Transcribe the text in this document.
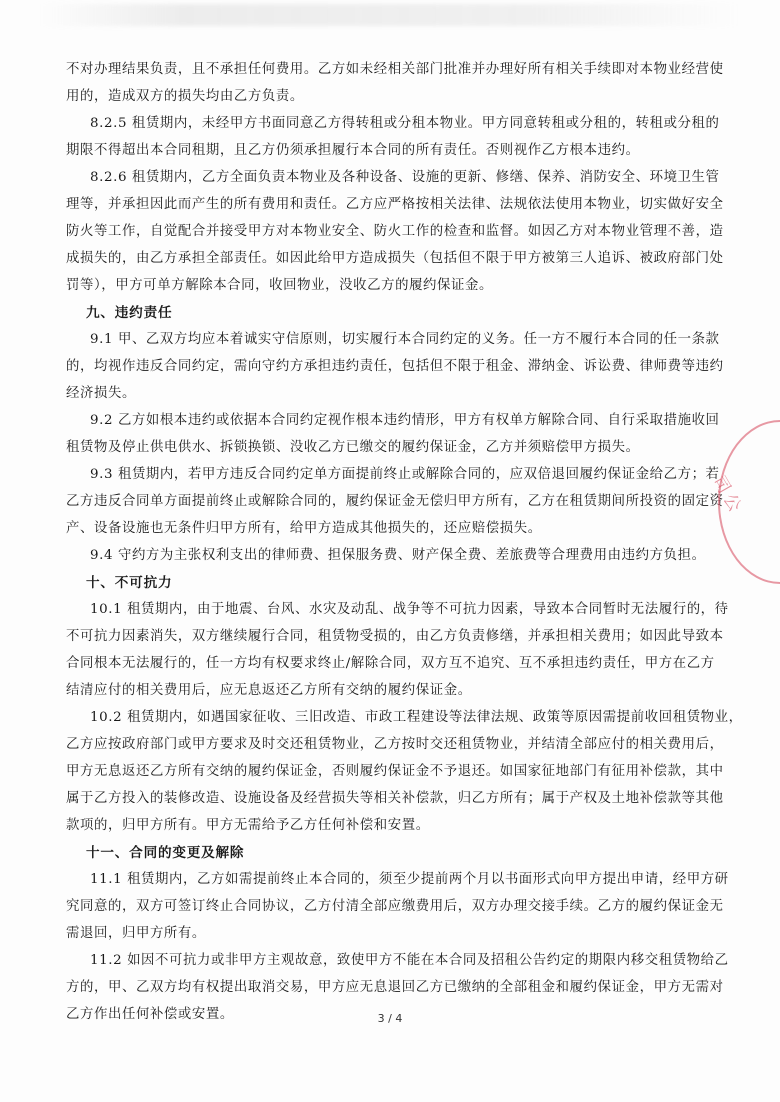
不对办理结果负责，且不承担任何费用。乙方如未经相关部门批准并办理好所有相关手续即对本物业经营使
用的，造成双方的损失均由乙方负责。
8.2.5 租赁期内，未经甲方书面同意乙方得转租或分租本物业。甲方同意转租或分租的，转租或分租的
期限不得超出本合同租期，且乙方仍须承担履行本合同的所有责任。否则视作乙方根本违约。
8.2.6 租赁期内，乙方全面负责本物业及各种设备、设施的更新、修缮、保养、消防安全、环境卫生管
理等，并承担因此而产生的所有费用和责任。乙方应严格按相关法律、法规依法使用本物业，切实做好安全
防火等工作，自觉配合并接受甲方对本物业安全、防火工作的检查和监督。如因乙方对本物业管理不善，造
成损失的，由乙方承担全部责任。如因此给甲方造成损失（包括但不限于甲方被第三人追诉、被政府部门处
罚等），甲方可单方解除本合同，收回物业，没收乙方的履约保证金。
九、违约责任
9.1 甲、乙双方均应本着诚实守信原则，切实履行本合同约定的义务。任一方不履行本合同的任一条款
的，均视作违反合同约定，需向守约方承担违约责任，包括但不限于租金、滞纳金、诉讼费、律师费等违约
经济损失。
9.2 乙方如根本违约或依据本合同约定视作根本违约情形，甲方有权单方解除合同、自行采取措施收回
租赁物及停止供电供水、拆锁换锁、没收乙方已缴交的履约保证金，乙方并须赔偿甲方损失。
9.3 租赁期内，若甲方违反合同约定单方面提前终止或解除合同的，应双倍退回履约保证金给乙方；若
乙方违反合同单方面提前终止或解除合同的，履约保证金无偿归甲方所有，乙方在租赁期间所投资的固定资
产、设备设施也无条件归甲方所有，给甲方造成其他损失的，还应赔偿损失。
9.4 守约方为主张权利支出的律师费、担保服务费、财产保全费、差旅费等合理费用由违约方负担。
十、不可抗力
10.1 租赁期内，由于地震、台风、水灾及动乱、战争等不可抗力因素，导致本合同暂时无法履行的，待
不可抗力因素消失，双方继续履行合同，租赁物受损的，由乙方负责修缮，并承担相关费用；如因此导致本
合同根本无法履行的，任一方均有权要求终止/解除合同，双方互不追究、互不承担违约责任，甲方在乙方
结清应付的相关费用后，应无息返还乙方所有交纳的履约保证金。
10.2 租赁期内，如遇国家征收、三旧改造、市政工程建设等法律法规、政策等原因需提前收回租赁物业，
乙方应按政府部门或甲方要求及时交还租赁物业，乙方按时交还租赁物业，并结清全部应付的相关费用后，
甲方无息返还乙方所有交纳的履约保证金，否则履约保证金不予退还。如国家征地部门有征用补偿款，其中
属于乙方投入的装修改造、设施设备及经营损失等相关补偿款，归乙方所有；属于产权及土地补偿款等其他
款项的，归甲方所有。甲方无需给予乙方任何补偿和安置。
十一、合同的变更及解除
11.1 租赁期内，乙方如需提前终止本合同的，须至少提前两个月以书面形式向甲方提出申请，经甲方研
究同意的，双方可签订终止合同协议，乙方付清全部应缴费用后，双方办理交接手续。乙方的履约保证金无
需退回，归甲方所有。
11.2 如因不可抗力或非甲方主观故意，致使甲方不能在本合同及招租公告约定的期限内移交租赁物给乙
方的，甲、乙双方均有权提出取消交易，甲方应无息退回乙方已缴纳的全部租金和履约保证金，甲方无需对
乙方作出任何补偿或安置。
司公
3 / 4
